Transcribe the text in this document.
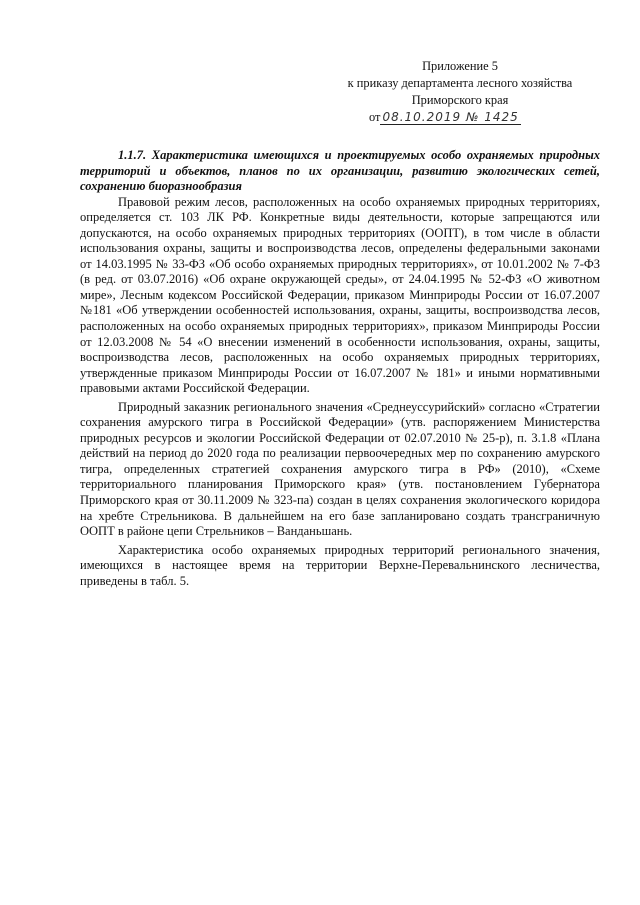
Приложение 5
к приказу департамента лесного хозяйства
Приморского края
от 08.10.2019 № 1425

1.1.7. Характеристика имеющихся и проектируемых особо охраняемых природных территорий и объектов, планов по их организации, развитию экологических сетей, сохранению биоразнообразия

Правовой режим лесов, расположенных на особо охраняемых природных территориях, определяется ст. 103 ЛК РФ. Конкретные виды деятельности, которые запрещаются или допускаются, на особо охраняемых природных территориях (ООПТ), в том числе в области использования охраны, защиты и воспроизводства лесов, определены федеральными законами от 14.03.1995 № 33-ФЗ «Об особо охраняемых природных территориях», от 10.01.2002 № 7-ФЗ (в ред. от 03.07.2016) «Об охране окружающей среды», от 24.04.1995 № 52-ФЗ «О животном мире», Лесным кодексом Российской Федерации, приказом Минприроды России от 16.07.2007 №181 «Об утверждении особенностей использования, охраны, защиты, воспроизводства лесов, расположенных на особо охраняемых природных территориях», приказом Минприроды России от 12.03.2008 № 54 «О внесении изменений в особенности использования, охраны, защиты, воспроизводства лесов, расположенных на особо охраняемых природных территориях, утвержденные приказом Минприроды России от 16.07.2007 № 181» и иными нормативными правовыми актами Российской Федерации.

Природный заказник регионального значения «Среднеуссурийский» согласно «Стратегии сохранения амурского тигра в Российской Федерации» (утв. распоряжением Министерства природных ресурсов и экологии Российской Федерации от 02.07.2010 № 25-р), п. 3.1.8 «Плана действий на период до 2020 года по реализации первоочередных мер по сохранению амурского тигра, определенных стратегией сохранения амурского тигра в РФ» (2010), «Схеме территориального планирования Приморского края» (утв. постановлением Губернатора Приморского края от 30.11.2009 № 323-па) создан в целях сохранения экологического коридора на хребте Стрельникова. В дальнейшем на его базе запланировано создать трансграничную ООПТ в районе цепи Стрельников – Ванданьшань.

Характеристика особо охраняемых природных территорий регионального значения, имеющихся в настоящее время на территории Верхне-Перевальнинского лесничества, приведены в табл. 5.
